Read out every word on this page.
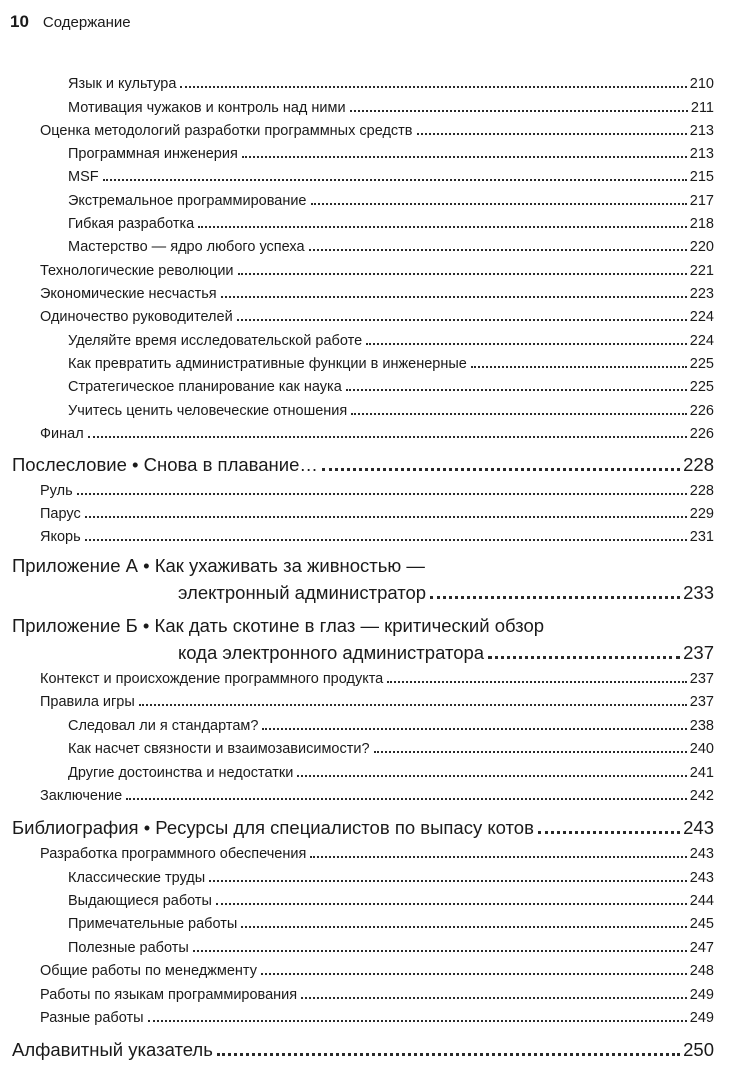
10 Содержание
Язык и культура	210
Мотивация чужаков и контроль над ними	211
Оценка методологий разработки программных средств	213
Программная инженерия	213
MSF	215
Экстремальное программирование	217
Гибкая разработка	218
Мастерство — ядро любого успеха	220
Технологические революции	221
Экономические несчастья	223
Одиночество руководителей	224
Уделяйте время исследовательской работе	224
Как превратить административные функции в инженерные	225
Стратегическое планирование как наука	225
Учитесь ценить человеческие отношения	226
Финал	226
Послесловие • Снова в плавание…	228
Руль	228
Парус	229
Якорь	231
Приложение А • Как ухаживать за живностью —
электронный администратор	233
Приложение Б • Как дать скотине в глаз — критический обзор
кода электронного администратора	237
Контекст и происхождение программного продукта	237
Правила игры	237
Следовал ли я стандартам?	238
Как насчет связности и взаимозависимости?	240
Другие достоинства и недостатки	241
Заключение	242
Библиография • Ресурсы для специалистов по выпасу котов	243
Разработка программного обеспечения	243
Классические труды	243
Выдающиеся работы	244
Примечательные работы	245
Полезные работы	247
Общие работы по менеджменту	248
Работы по языкам программирования	249
Разные работы	249
Алфавитный указатель	250
